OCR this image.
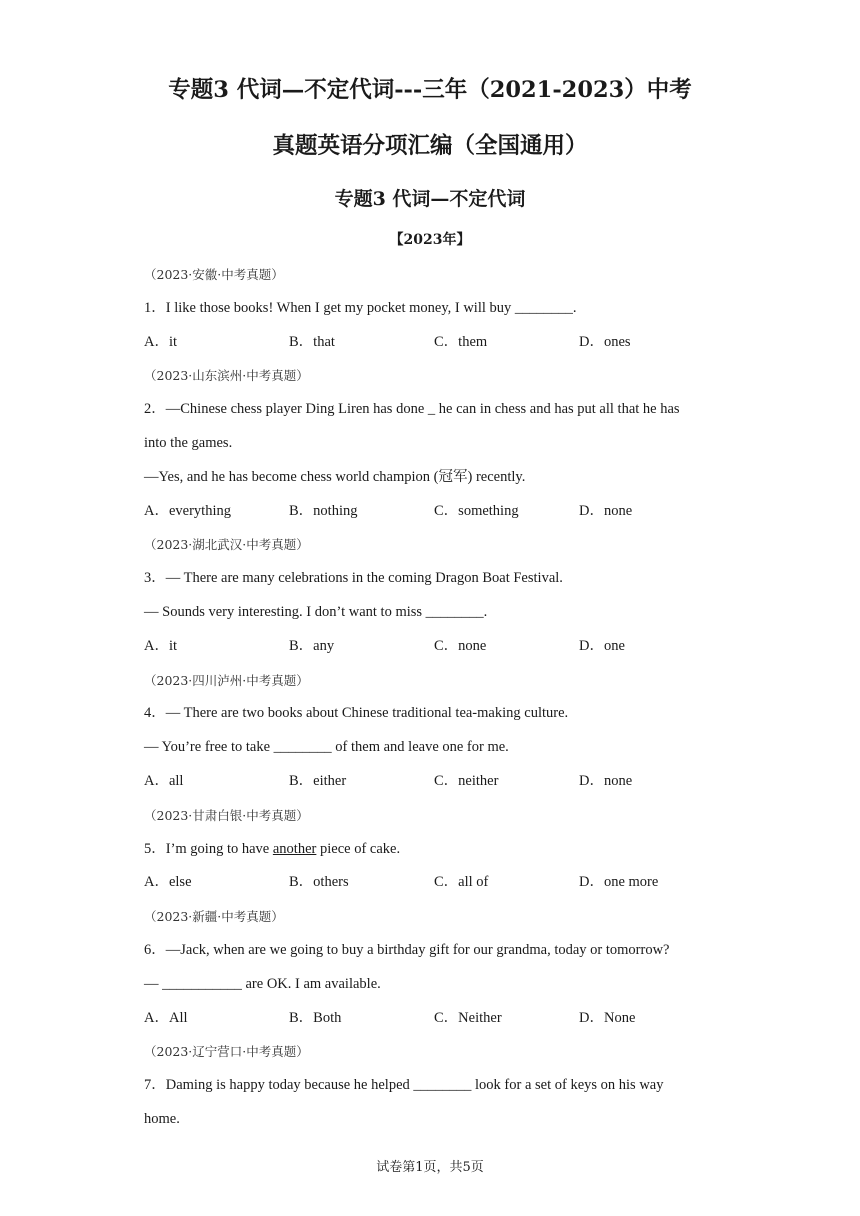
专题3 代词—不定代词---三年（2021-2023）中考
真题英语分项汇编（全国通用）
专题3 代词—不定代词
【2023年】
（2023·安徽·中考真题）
1．I like those books! When I get my pocket money, I will buy ________.
A．it	B．that	C．them	D．ones
（2023·山东滨州·中考真题）
2．—Chinese chess player Ding Liren has done _ he can in chess and has put all that he has
into the games.
—Yes, and he has become chess world champion (冠军) recently.
A．everything	B．nothing	C．something	D．none
（2023·湖北武汉·中考真题）
3．— There are many celebrations in the coming Dragon Boat Festival.
— Sounds very interesting. I don’t want to miss ________.
A．it	B．any	C．none	D．one
（2023·四川泸州·中考真题）
4．— There are two books about Chinese traditional tea-making culture.
— You’re free to take ________ of them and leave one for me.
A．all	B．either	C．neither	D．none
（2023·甘肃白银·中考真题）
5．I’m going to have another piece of cake.
A．else	B．others	C．all of	D．one more
（2023·新疆·中考真题）
6．—Jack, when are we going to buy a birthday gift for our grandma, today or tomorrow?
— ___________ are OK. I am available.
A．All	B．Both	C．Neither	D．None
（2023·辽宁营口·中考真题）
7．Daming is happy today because he helped ________ look for a set of keys on his way
home.
试卷第1页，共5页
